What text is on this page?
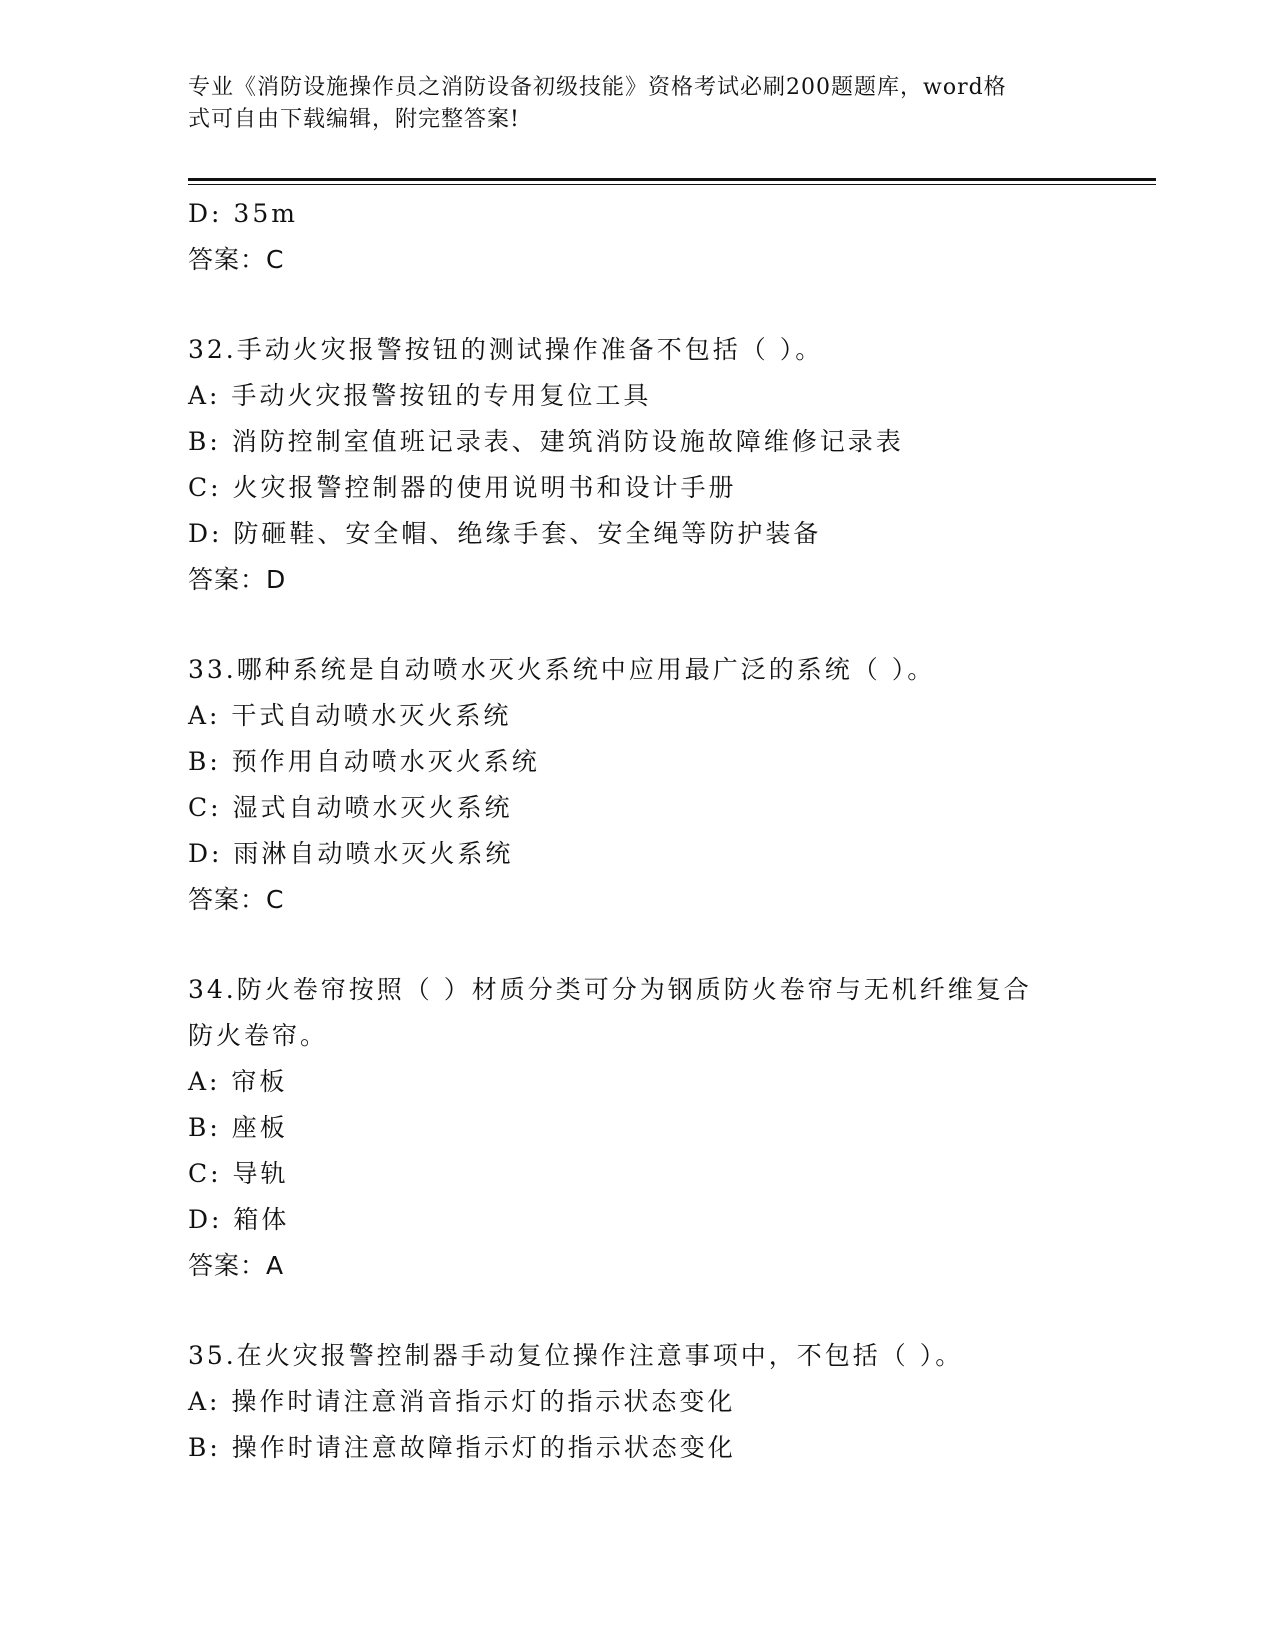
专业《消防设施操作员之消防设备初级技能》资格考试必刷200题题库，word格
式可自由下载编辑，附完整答案!
D: 35m
答案：C
32.手动火灾报警按钮的测试操作准备不包括（ ）。
A: 手动火灾报警按钮的专用复位工具
B: 消防控制室值班记录表、建筑消防设施故障维修记录表
C: 火灾报警控制器的使用说明书和设计手册
D: 防砸鞋、安全帽、绝缘手套、安全绳等防护装备
答案：D
33.哪种系统是自动喷水灭火系统中应用最广泛的系统（ ）。
A: 干式自动喷水灭火系统
B: 预作用自动喷水灭火系统
C: 湿式自动喷水灭火系统
D: 雨淋自动喷水灭火系统
答案：C
34.防火卷帘按照（ ）材质分类可分为钢质防火卷帘与无机纤维复合
防火卷帘。
A: 帘板
B: 座板
C: 导轨
D: 箱体
答案：A
35.在火灾报警控制器手动复位操作注意事项中，不包括（ ）。
A: 操作时请注意消音指示灯的指示状态变化
B: 操作时请注意故障指示灯的指示状态变化
